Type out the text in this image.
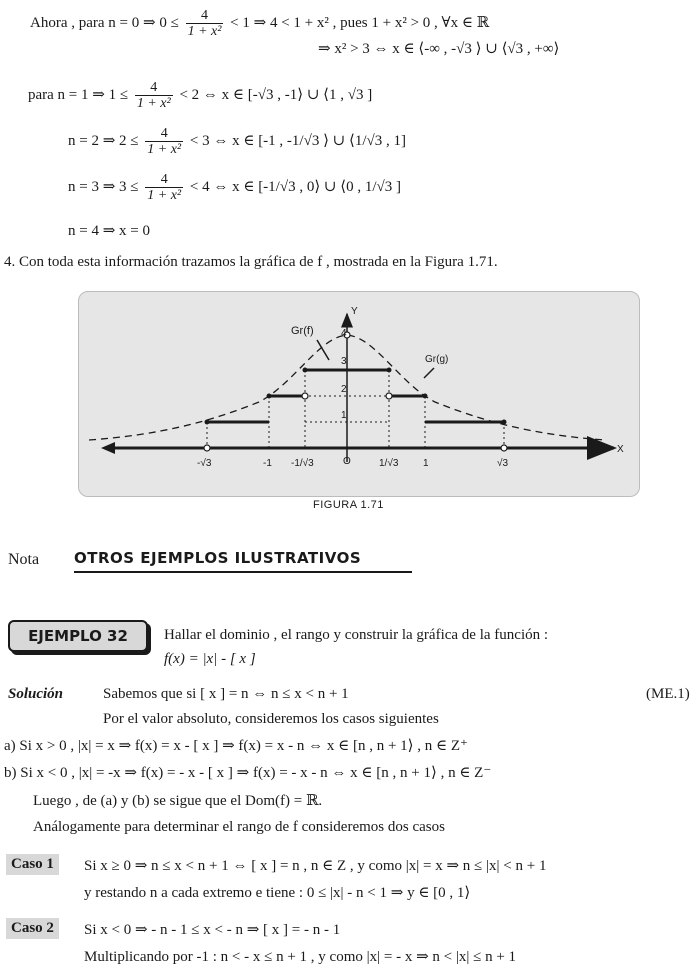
Ahora , para n = 0 ⇒ $0 \le \frac{4}{\text{1 + x²}} < 1$ ⇒ 4 < 1 + x² , pues 1 + x² > 0 , ∀x ∈ ℝ
⇒ x² > 3 ⇔ x ∈ ⟨-∞ , -√3 ⟩ ∪ ⟨√3 , +∞⟩
para n = 1 ⇒ $1 \le \frac{4}{\text{1 + x²}} < 2$ ⇔ x ∈ [-√3 , -1⟩ ∪ ⟨1 , √3 ]
n = 2 ⇒ $2 \le \frac{4}{\text{1 + x²}} < 3$ ⇔ x ∈ [-1 , -1/√3 ⟩ ∪ ⟨1/√3 , 1]
n = 3 ⇒ $3 \le \frac{4}{\text{1 + x²}} < 4$ ⇔ x ∈ [-1/√3 , 0⟩ ∪ ⟨0 , 1/√3 ]
n = 4 ⇒ x = 0
4. Con toda esta información trazamos la gráfica de f , mostrada en la Figura 1.71.
Y
X
O
Gr(f)
Gr(g)
4
3
2
1
-√3	-1 -1/√3	1/√3 1	√3
FIGURA 1.71
Nota OTROS EJEMPLOS ILUSTRATIVOS
EJEMPLO 32	Hallar el dominio , el rango y construir la gráfica de la función :
f(x) = |x| - [ x ]
Solución	Sabemos que si [ x ] = n ⇔ n ≤ x < n + 1	(ME.1)
Por el valor absoluto, consideremos los casos siguientes
a) Si x > 0 , |x| = x ⇒ f(x) = x - [ x ] ⇒ f(x) = x - n ⇔ x ∈ [n , n + 1⟩ , n ∈ Z⁺
b) Si x < 0 , |x| = -x ⇒ f(x) = - x - [ x ] ⇒ f(x) = - x - n ⇔ x ∈ [n , n + 1⟩ , n ∈ Z⁻
Luego , de (a) y (b) se sigue que el Dom(f) = ℝ.
Análogamente para determinar el rango de f consideremos dos casos
Caso 1	Si x ≥ 0 ⇒ n ≤ x < n + 1 ⇔ [ x ] = n , n ∈ Z , y como |x| = x ⇒ n ≤ |x| < n + 1
y restando n a cada extremo e tiene : 0 ≤ |x| - n < 1 ⇒ y ∈ [0 , 1⟩
Caso 2	Si x < 0 ⇒ - n - 1 ≤ x < - n ⇒ [ x ] = - n - 1
Multiplicando por -1 : n < - x ≤ n + 1 , y como |x| = - x ⇒ n < |x| ≤ n + 1
